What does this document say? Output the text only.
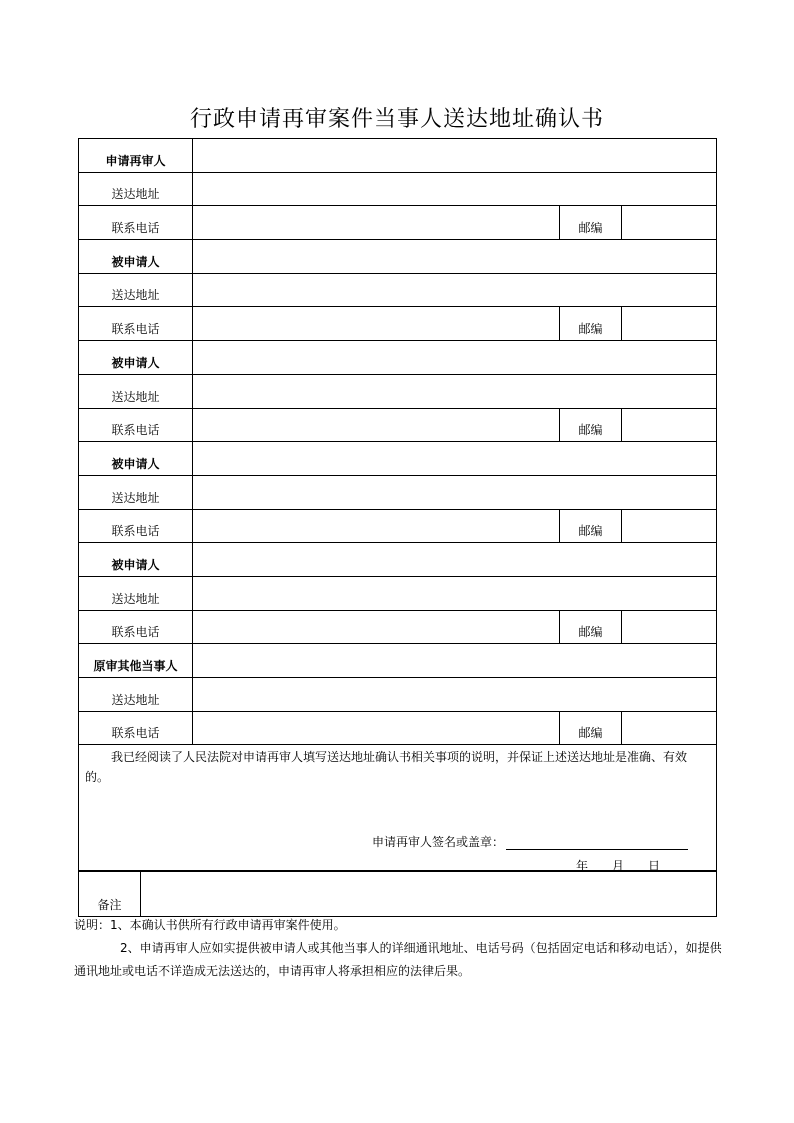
行政申请再审案件当事人送达地址确认书
申请再审人			
送达地址			
联系电话		邮编	
被申请人			
送达地址			
联系电话		邮编	
被申请人			
送达地址			
联系电话		邮编	
被申请人			
送达地址			
联系电话		邮编	
被申请人			
送达地址			
联系电话		邮编	
原审其他当事人			
送达地址			
联系电话		邮编	

我已经阅读了人民法院对申请再审人填写送达地址确认书相关事项的说明，并保证上述送达地址是准确、有效的。
申请再审人签名或盖章：
年 月 日			
备注	
说明：1、本确认书供所有行政申请再审案件使用。
2、申请再审人应如实提供被申请人或其他当事人的详细通讯地址、电话号码（包括固定电话和移动电话），如提供通讯地址或电话不详造成无法送达的，申请再审人将承担相应的法律后果。
